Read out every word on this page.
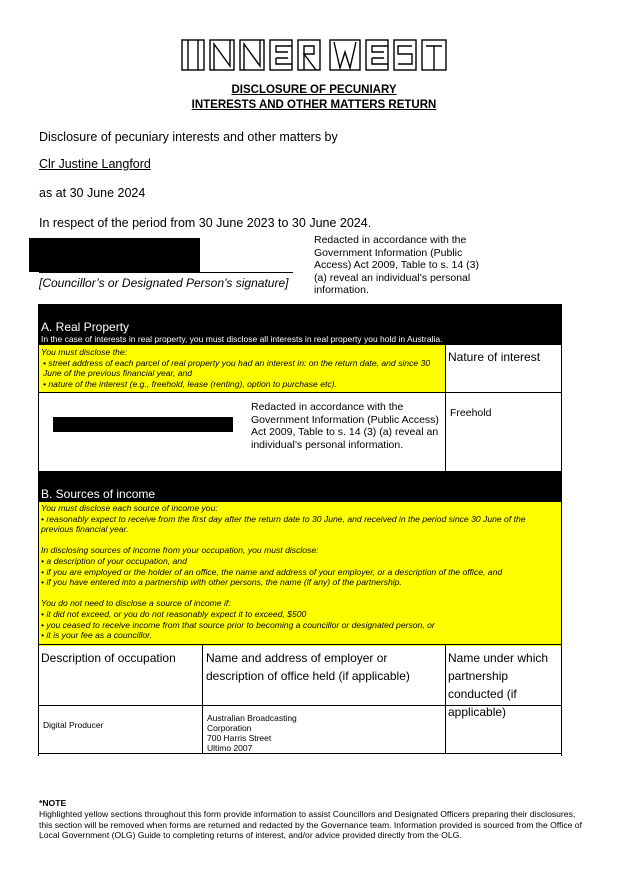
DISCLOSURE OF PECUNIARY
INTERESTS AND OTHER MATTERS RETURN
Disclosure of pecuniary interests and other matters by
Clr Justine Langford
as at 30 June 2024
In respect of the period from 30 June 2023 to 30 June 2024.
[Councillor’s or Designated Person’s signature]
Redacted in accordance with the Government Information (Public Access) Act 2009, Table to s. 14 (3) (a) reveal an individual’s personal information.
A. Real Property
In the case of interests in real property, you must disclose all interests in real property you hold in Australia.
You must disclose the:
• street address of each parcel of real property you had an interest in: on the return date, and since 30 June of the previous financial year, and
• nature of the interest (e.g., freehold, lease (renting), option to purchase etc).
Nature of interest
Redacted in accordance with the Government Information (Public Access) Act 2009, Table to s. 14 (3) (a) reveal an individual’s personal information.
Freehold
B. Sources of income
You must disclose each source of income you:
• reasonably expect to receive from the first day after the return date to 30 June, and received in the period since 30 June of the previous financial year.
In disclosing sources of income from your occupation, you must disclose:
• a description of your occupation, and
• if you are employed or the holder of an office, the name and address of your employer, or a description of the office, and
• if you have entered into a partnership with other persons, the name (if any) of the partnership.
You do not need to disclose a source of income if:
• it did not exceed, or you do not reasonably expect it to exceed, $500
• you ceased to receive income from that source prior to becoming a councillor or designated person, or
• it is your fee as a councillor.
Description of occupation	Name and address of employer or description of office held (if applicable)
Name under which partnership conducted (if applicable)
Digital Producer
Australian Broadcasting
Corporation
700 Harris Street
Ultimo 2007
*NOTE
Highlighted yellow sections throughout this form provide information to assist Councillors and Designated Officers preparing their disclosures, this section will be removed when forms are returned and redacted by the Governance team. Information provided is sourced from the Office of Local Government (OLG) Guide to completing returns of interest, and/or advice provided directly from the OLG.
